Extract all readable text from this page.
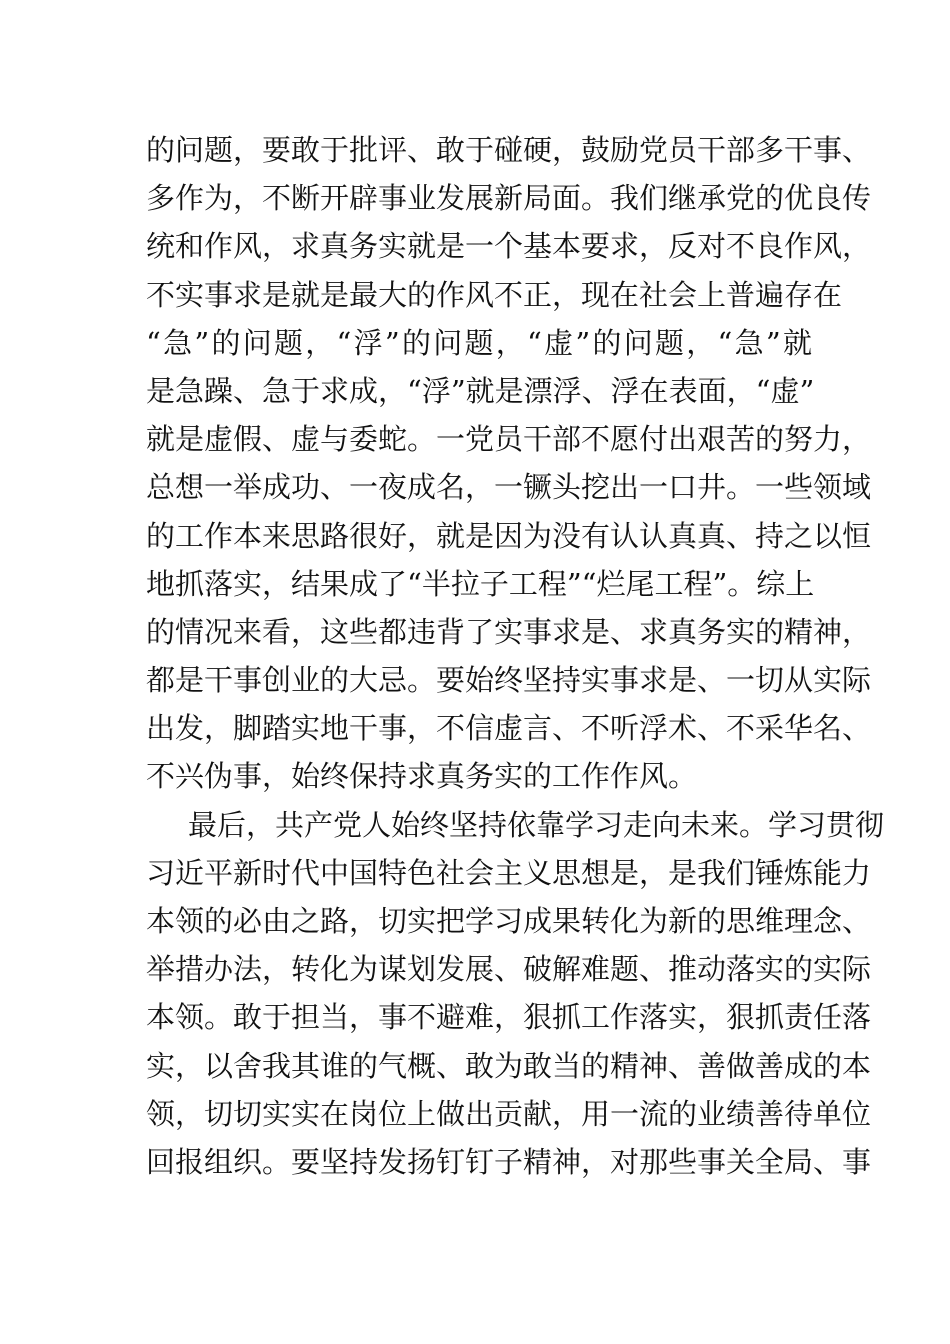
的问题，要敢于批评、敢于碰硬，鼓励党员干部多干事、
多作为，不断开辟事业发展新局面。我们继承党的优良传
统和作风，求真务实就是一个基本要求，反对不良作风，
不实事求是就是最大的作风不正，现在社会上普遍存在
“急”的问题，“浮”的问题，“虚”的问题，“急”就
是急躁、急于求成，“浮”就是漂浮、浮在表面，“虚”
就是虚假、虚与委蛇。一党员干部不愿付出艰苦的努力，
总想一举成功、一夜成名，一镢头挖出一口井。一些领域
的工作本来思路很好，就是因为没有认认真真、持之以恒
地抓落实，结果成了“半拉子工程”“烂尾工程”。综上
的情况来看，这些都违背了实事求是、求真务实的精神，
都是干事创业的大忌。要始终坚持实事求是、一切从实际
出发，脚踏实地干事，不信虚言、不听浮术、不采华名、
不兴伪事，始终保持求真务实的工作作风。
最后，共产党人始终坚持依靠学习走向未来。学习贯彻
习近平新时代中国特色社会主义思想是，是我们锤炼能力
本领的必由之路，切实把学习成果转化为新的思维理念、
举措办法，转化为谋划发展、破解难题、推动落实的实际
本领。敢于担当，事不避难，狠抓工作落实，狠抓责任落
实，以舍我其谁的气概、敢为敢当的精神、善做善成的本
领，切切实实在岗位上做出贡献，用一流的业绩善待单位
回报组织。要坚持发扬钉钉子精神，对那些事关全局、事
